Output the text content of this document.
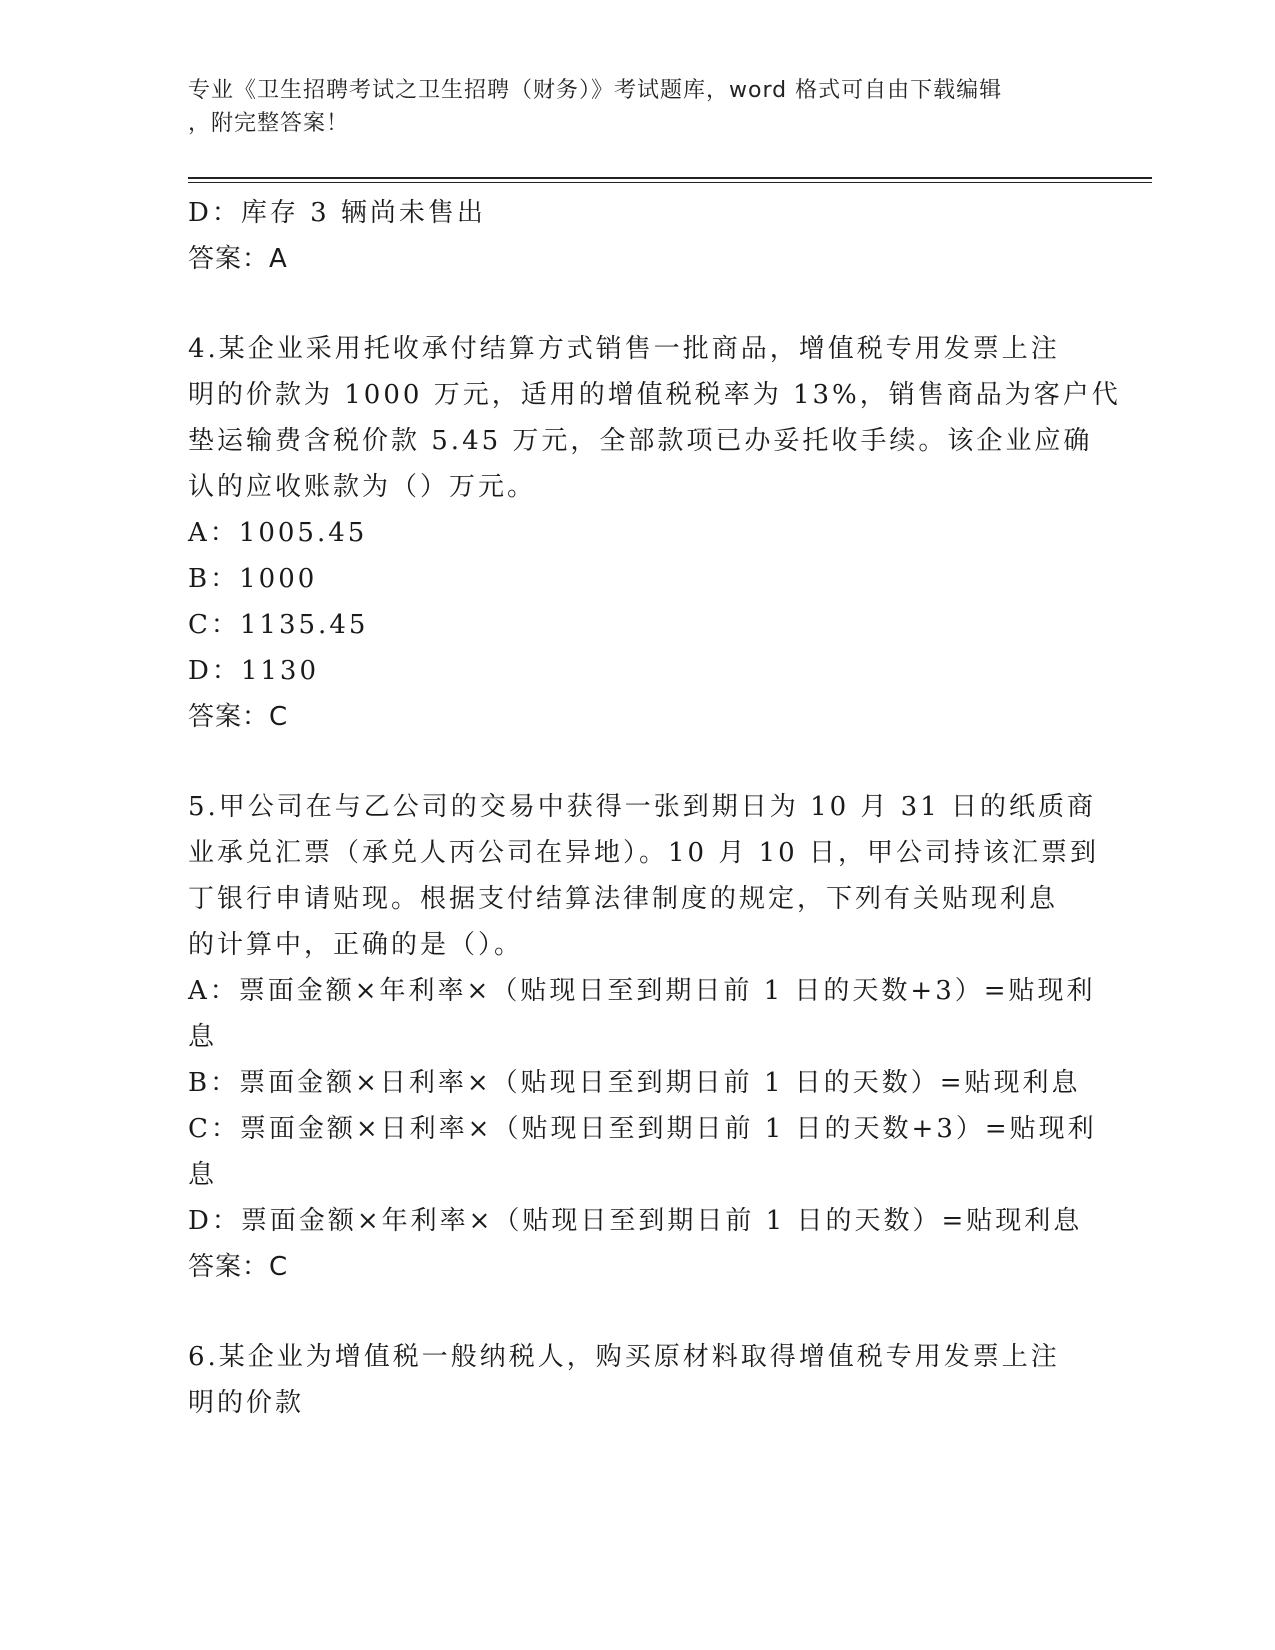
专业《卫生招聘考试之卫生招聘（财务）》考试题库，word 格式可自由下载编辑
，附完整答案！
D：库存 3 辆尚未售出
答案：A
4.某企业采用托收承付结算方式销售一批商品，增值税专用发票上注
明的价款为 1000 万元，适用的增值税税率为 13%，销售商品为客户代
垫运输费含税价款 5.45 万元，全部款项已办妥托收手续。该企业应确
认的应收账款为（）万元。
A：1005.45
B：1000
C：1135.45
D：1130
答案：C
5.甲公司在与乙公司的交易中获得一张到期日为 10 月 31 日的纸质商
业承兑汇票（承兑人丙公司在异地）。10 月 10 日，甲公司持该汇票到
丁银行申请贴现。根据支付结算法律制度的规定，下列有关贴现利息
的计算中，正确的是（）。
A：票面金额×年利率×（贴现日至到期日前 1 日的天数+3）=贴现利
息
B：票面金额×日利率×（贴现日至到期日前 1 日的天数）=贴现利息
C：票面金额×日利率×（贴现日至到期日前 1 日的天数+3）=贴现利
息
D：票面金额×年利率×（贴现日至到期日前 1 日的天数）=贴现利息
答案：C
6.某企业为增值税一般纳税人，购买原材料取得增值税专用发票上注
明的价款
